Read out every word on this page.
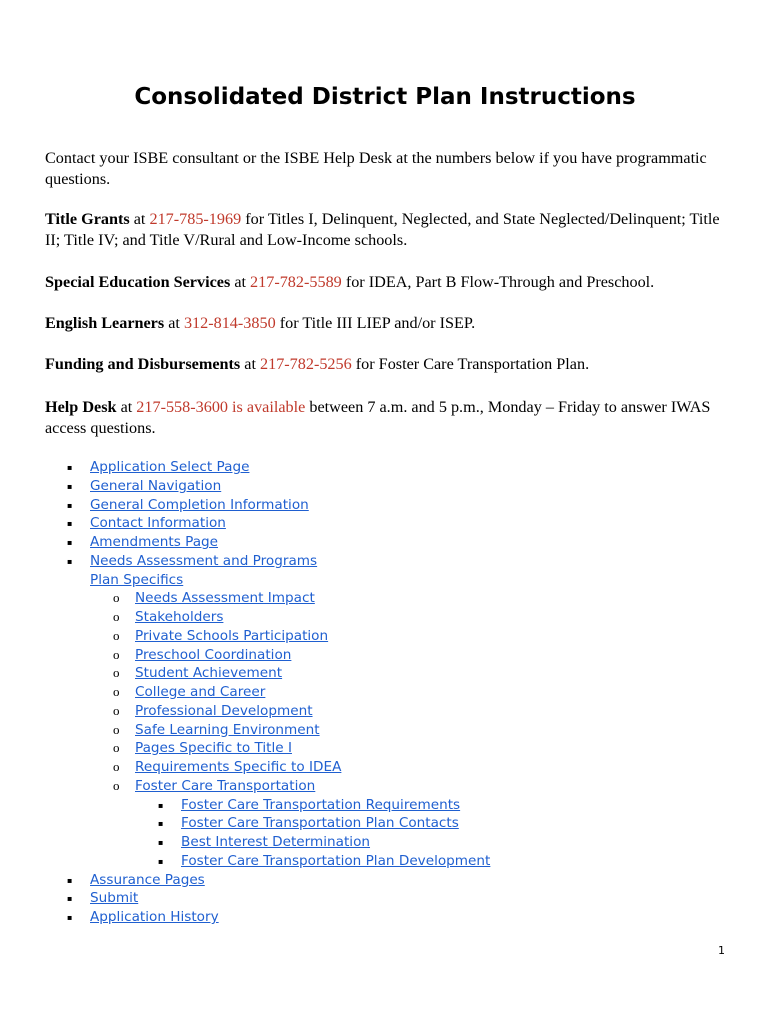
Consolidated District Plan Instructions

Contact your ISBE consultant or the ISBE Help Desk at the numbers below if you have programmatic questions.

Title Grants at 217-785-1969 for Titles I, Delinquent, Neglected, and State Neglected/Delinquent; Title II; Title IV; and Title V/Rural and Low-Income schools.

Special Education Services at 217-782-5589 for IDEA, Part B Flow-Through and Preschool.

English Learners at 312-814-3850 for Title III LIEP and/or ISEP.

Funding and Disbursements at 217-782-5256 for Foster Care Transportation Plan.

Help Desk at 217-558-3600 is available between 7 a.m. and 5 p.m., Monday – Friday to answer IWAS access questions.

▪ Application Select Page
▪ General Navigation
▪ General Completion Information
▪ Contact Information
▪ Amendments Page
▪ Needs Assessment and Programs
Plan Specifics
o Needs Assessment Impact
o Stakeholders
o Private Schools Participation
o Preschool Coordination
o Student Achievement
o College and Career
o Professional Development
o Safe Learning Environment
o Pages Specific to Title I
o Requirements Specific to IDEA
o Foster Care Transportation
▪ Foster Care Transportation Requirements
▪ Foster Care Transportation Plan Contacts
▪ Best Interest Determination
▪ Foster Care Transportation Plan Development
▪ Assurance Pages
▪ Submit
▪ Application History
1
